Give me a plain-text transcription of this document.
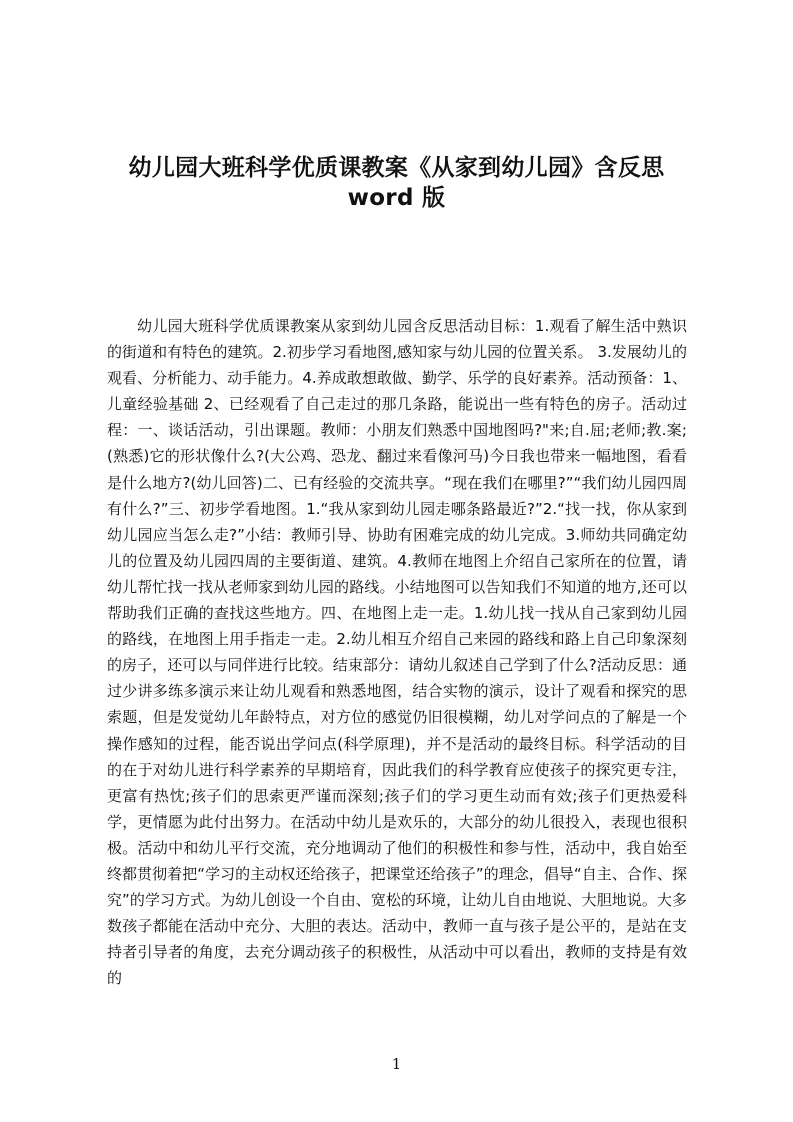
幼儿园大班科学优质课教案《从家到幼儿园》含反思
word 版

幼儿园大班科学优质课教案从家到幼儿园含反思活动目标：1.观看了解生活中熟识的街道和有特色的建筑。2.初步学习看地图,感知家与幼儿园的位置关系。 3.发展幼儿的观看、分析能力、动手能力。4.养成敢想敢做、勤学、乐学的良好素养。活动预备：1、儿童经验基础 2、已经观看了自己走过的那几条路，能说出一些有特色的房子。活动过程：一、谈话活动，引出课题。教师：小朋友们熟悉中国地图吗?"来;自.屈;老师;教.案;(熟悉)它的形状像什么?(大公鸡、恐龙、翻过来看像河马)今日我也带来一幅地图，看看是什么地方?(幼儿回答)二、已有经验的交流共享。“现在我们在哪里?”“我们幼儿园四周有什么?”三、初步学看地图。1.“我从家到幼儿园走哪条路最近?”2.“找一找，你从家到幼儿园应当怎么走?”小结：教师引导、协助有困难完成的幼儿完成。3.师幼共同确定幼儿的位置及幼儿园四周的主要街道、建筑。4.教师在地图上介绍自己家所在的位置，请幼儿帮忙找一找从老师家到幼儿园的路线。小结地图可以告知我们不知道的地方,还可以帮助我们正确的查找这些地方。四、在地图上走一走。1.幼儿找一找从自己家到幼儿园的路线，在地图上用手指走一走。2.幼儿相互介绍自己来园的路线和路上自己印象深刻的房子，还可以与同伴进行比较。结束部分：请幼儿叙述自己学到了什么?活动反思：通过少讲多练多演示来让幼儿观看和熟悉地图，结合实物的演示，设计了观看和探究的思索题，但是发觉幼儿年龄特点，对方位的感觉仍旧很模糊，幼儿对学问点的了解是一个操作感知的过程，能否说出学问点(科学原理)，并不是活动的最终目标。科学活动的目的在于对幼儿进行科学素养的早期培育，因此我们的科学教育应使孩子的探究更专注，更富有热忱;孩子们的思索更严谨而深刻;孩子们的学习更生动而有效;孩子们更热爱科学，更情愿为此付出努力。在活动中幼儿是欢乐的，大部分的幼儿很投入，表现也很积极。活动中和幼儿平行交流，充分地调动了他们的积极性和参与性，活动中，我自始至终都贯彻着把“学习的主动权还给孩子，把课堂还给孩子”的理念，倡导“自主、合作、探究”的学习方式。为幼儿创设一个自由、宽松的环境，让幼儿自由地说、大胆地说。大多数孩子都能在活动中充分、大胆的表达。活动中，教师一直与孩子是公平的，是站在支持者引导者的角度，去充分调动孩子的积极性，从活动中可以看出，教师的支持是有效的

1
